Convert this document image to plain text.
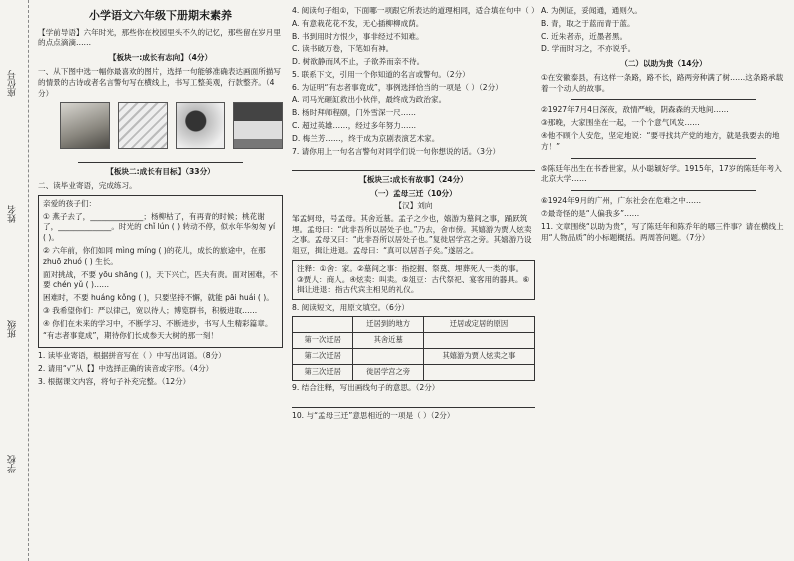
座位号
姓名
班级
学校
小学语文六年级下册期末素养

【学前导语】六年时光，那些你在校园里头不久的记忆，那些留在岁月里的点点滴滴……

【板块一:成长有志向】（4分）

一、从下图中选一幅你最喜欢的图片，选择一句能够准确表达画面所描写的情景的古诗或者名言警句写在横线上，书写工整美观，行款整齐。（4分）

【板块二:成长有目标】（33分）

二、读毕业寄语，完成练习。

亲爱的孩子们：

① 燕子去了，______________；杨柳枯了，有再青的时候；桃花谢了，______________。时光的 chǐ lún ( ) 转动不停，似水年华匆匆 yí ( )。

② 六年前，你们如同 mìng míng ( )的花儿，成长的旅途中，在那 zhuō zhuó ( ) 生长。

面对挑战，不要 yōu shāng ( )，天下兴亡，匹夫有责。面对困难，不要 chén yǔ ( )……

困难时，不要 huáng kǒng ( )，只要坚持不懈，就能 pāi huái ( )。

③ 我希望你们：严以律己，宽以待人；博览群书，积极进取……

④ 你们在未来的学习中，不断学习、不断进步，书写人生精彩篇章。

“有志者事竟成”，期待你们长成参天大树的那一刻！

1. 读毕业寄语，根据拼音写在（ ）中写出词语。（8分）

2. 请用“√”从【】中选择正确的读音或字形。（4分）

3. 根据课文内容，将句子补充完整。（12分）

4. 阅读句子组①，下面哪一项跟它所表达的道理相同，适合填在句中（ ）

A. 有意栽花花不发，无心插柳柳成荫。

B. 书到用时方恨少，事非经过不知难。

C. 读书破万卷，下笔如有神。

D. 树欲静而风不止，子欲养而亲不待。

5. 联系下文，引用一个你知道的名言或警句。（2分）

6. 为证明“有志者事竟成”，事例选择恰当的一项是（ ）（2分）

A. 司马光砸缸救出小伙伴，最终成为政治家。

B. 杨时拜师程颐，门外雪深一尺……

C. 超过英雄……，经过多年努力……

D. 梅兰芳……，终于成为京剧表演艺术家。

7. 请你用上一句名言警句对同学们说一句你想说的话。（3分）

【板块三:成长有故事】（24分）
（一）孟母三迁（10分）
【汉】刘向

邹孟轲母，号孟母。其舍近墓。孟子之少也，嬉游为墓间之事，踊跃筑埋。孟母曰：“此非吾所以居处子也。”乃去，舍市傍。其嬉游为贾人炫卖之事。孟母又曰：“此非吾所以居处子也。”复徙居学宫之旁。其嬉游乃设俎豆，揖让进退。孟母曰：“真可以居吾子矣。”遂居之。

注释：①舍：家。②墓间之事：指挖掘、祭奠、埋葬死人一类的事。③贾人：商人。④炫卖：叫卖。⑤俎豆：古代祭祀、宴客用的器具。⑥揖让进退：指古代宾主相见的礼仪。

8. 阅读短文，用原文填空。（6分）

	迁居到的地方	迁居或定居的原因
第一次迁居	其舍近墓	
第二次迁居		其嬉游为贾人炫卖之事
第三次迁居	徙居学宫之旁	

9. 结合注释，写出画线句子的意思。（2分）

10. 与“孟母三迁”意思相近的一项是（ ）（2分）

A. 为例证，妥闻通，通则久。

B. 青，取之于蓝而青于蓝。

C. 近朱者赤，近墨者黑。

D. 学而时习之，不亦说乎。

（二）以助为贵（14分）

①在安徽泰县，有这样一条路，路不长，路两旁种满了树……这条路承载着一个动人的故事。

②1927年7月4日深夜，敌情严峻，阴森森的天地间……

③那晚，大家围坐在一起，一个个意气风发……

④他不顾个人安危，坚定地说：“要寻找共产党的地方，就是我要去的地方！”

⑤陈廷年出生在书香世家，从小聪颖好学。1915年，17岁的陈廷年考入北京大学……

⑥1924年9月的广州，广东社会在危难之中……

⑦最奇怪的是“人偏我多”……

11. 文章围绕“以助为贵”，写了陈廷年和陈乔年的哪三件事？请在横线上用“人物品质”的小标题概括。两周答问题。（7分）
